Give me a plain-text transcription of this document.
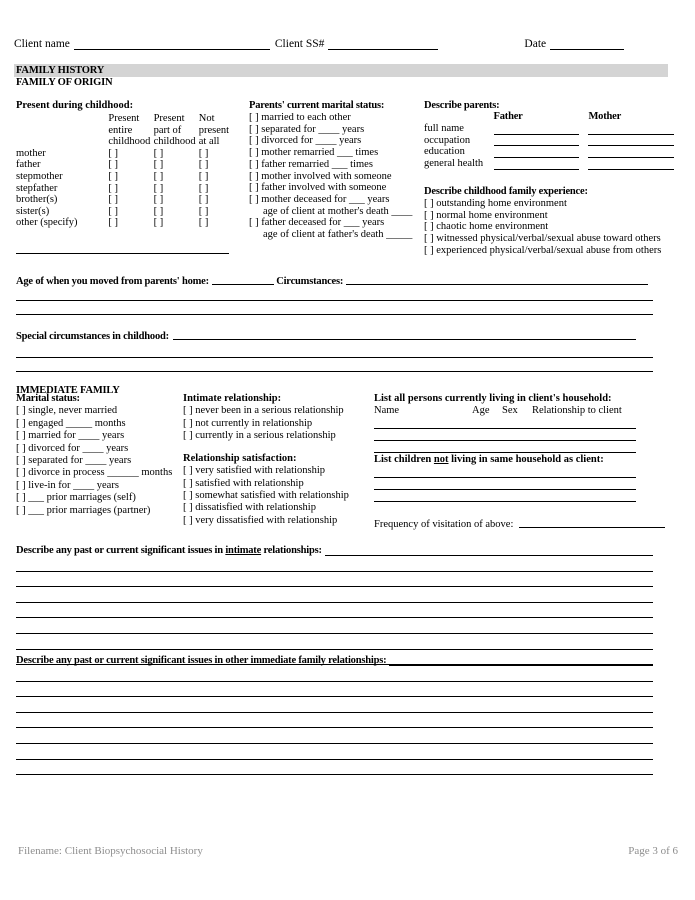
Client name	Client SS#	Date
FAMILY HISTORY
FAMILY OF ORIGIN
Present during childhood:
	Present	Present	Not
	entire	part of	present
	childhood	childhood	at all
mother	[ ]	[ ]	[ ]
father	[ ]	[ ]	[ ]
stepmother	[ ]	[ ]	[ ]
stepfather	[ ]	[ ]	[ ]
brother(s)	[ ]	[ ]	[ ]
sister(s)	[ ]	[ ]	[ ]
other (specify)	[ ]	[ ]	[ ]
Parents' current marital status:
[ ] married to each other
[ ] separated for ____ years
[ ] divorced for ____ years
[ ] mother remarried ___ times
[ ] father remarried ___ times
[ ] mother involved with someone
[ ] father involved with someone
[ ] mother deceased for ___ years
age of client at mother's death ____
[ ] father deceased for ___ years
age of client at father's death _____
Describe parents:
	Father		Mother
full name	

occupation	

education	

general health	

Describe childhood family experience:
[ ] outstanding home environment
[ ] normal home environment
[ ] chaotic home environment
[ ] witnessed physical/verbal/sexual abuse toward others
[ ] experienced physical/verbal/sexual abuse from others
Age of when you moved from parents' home:	Circumstances:
Special circumstances in childhood:
IMMEDIATE FAMILY
Marital status:
[ ] single, never married
[ ] engaged _____ months
[ ] married for ____ years
[ ] divorced for ____ years
[ ] separated for ____ years
[ ] divorce in process ______ months
[ ] live-in for ____ years
[ ] ___ prior marriages (self)
[ ] ___ prior marriages (partner)
Intimate relationship:
[ ] never been in a serious relationship
[ ] not currently in relationship
[ ] currently in a serious relationship
Relationship satisfaction:
[ ] very satisfied with relationship
[ ] satisfied with relationship
[ ] somewhat satisfied with relationship
[ ] dissatisfied with relationship
[ ] very dissatisfied with relationship
List all persons currently living in client's household:
Name	Age	Sex	Relationship to client

List children not living in same household as client:

Frequency of visitation of above:
Describe any past or current significant issues in intimate relationships:
Describe any past or current significant issues in other immediate family relationships:
Filename: Client Biopsychosocial History	Page 3 of 6
